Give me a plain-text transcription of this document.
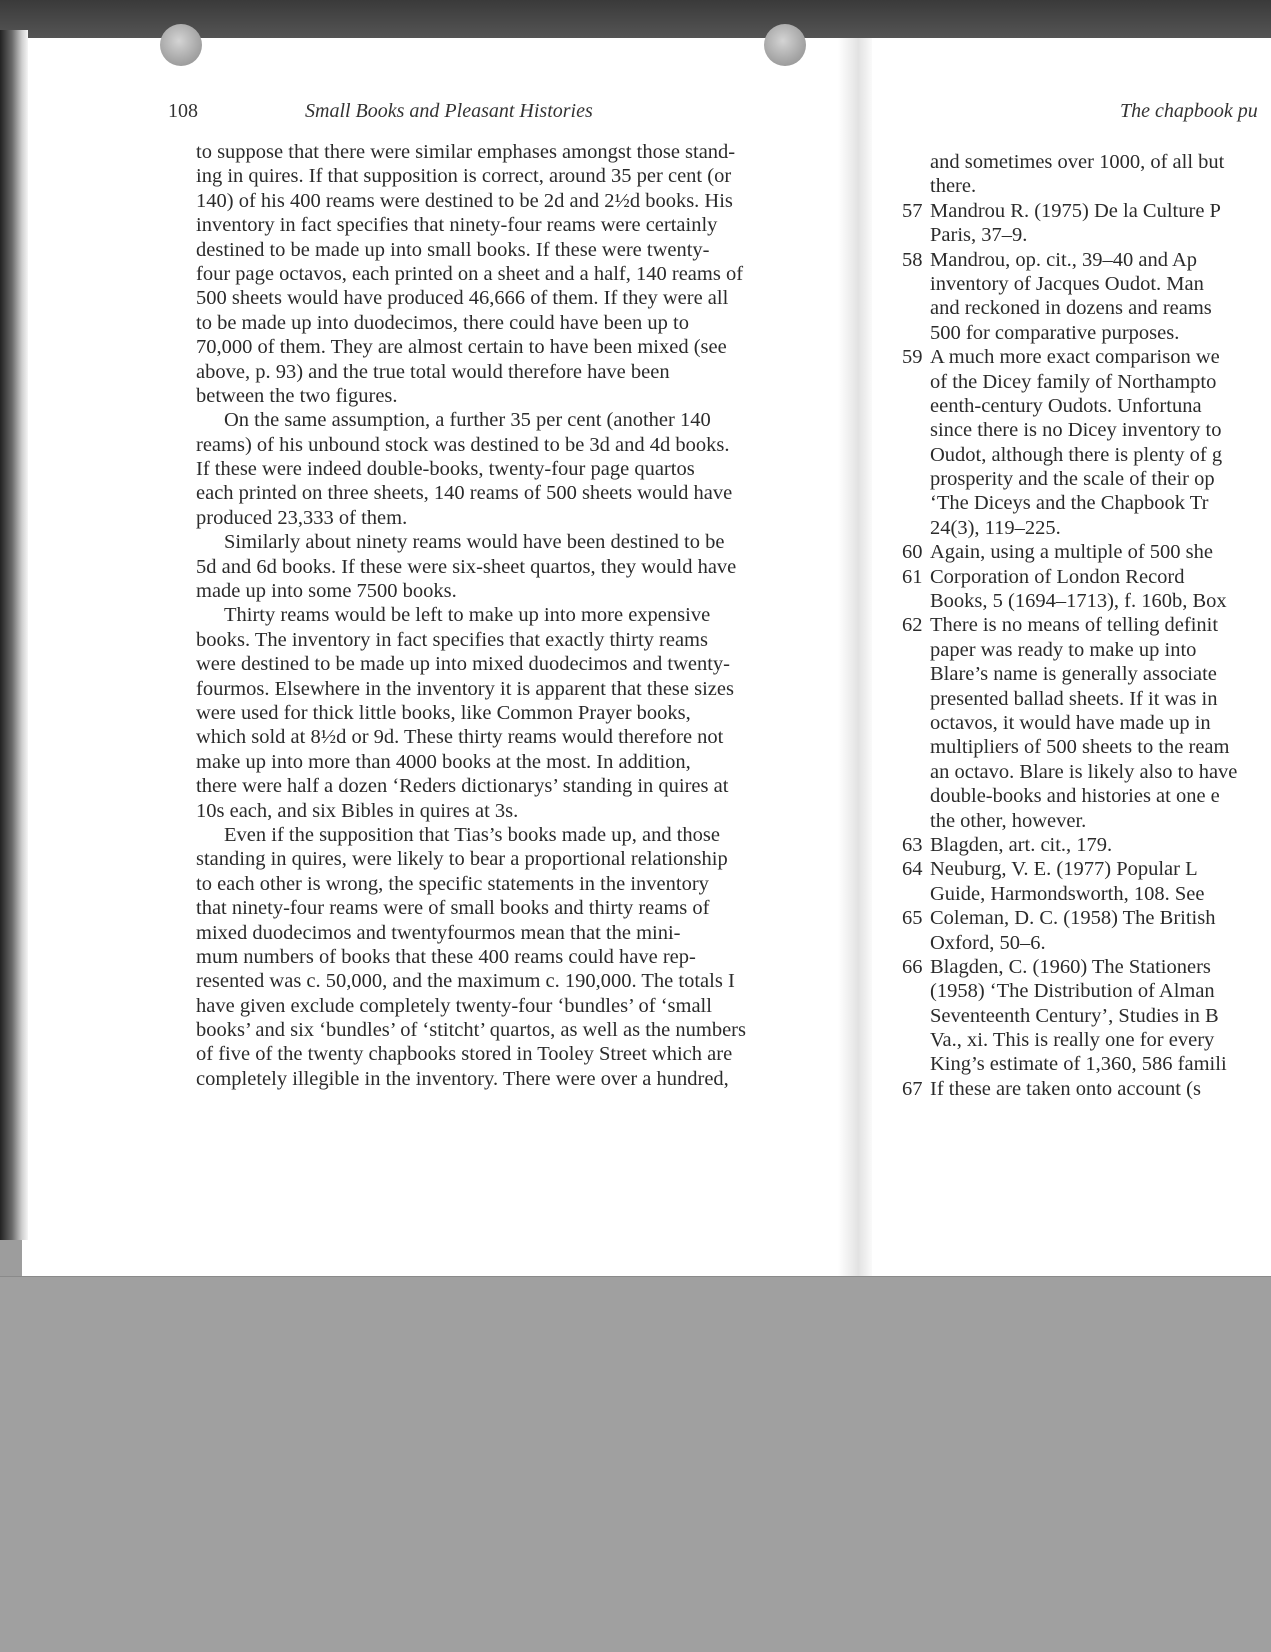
108	Small Books and Pleasant Histories	The chapbook pu
to suppose that there were similar emphases amongst those stand-
ing in quires. If that supposition is correct, around 35 per cent (or
140) of his 400 reams were destined to be 2d and 2½d books. His
inventory in fact specifies that ninety-four reams were certainly
destined to be made up into small books. If these were twenty-
four page octavos, each printed on a sheet and a half, 140 reams of
500 sheets would have produced 46,666 of them. If they were all
to be made up into duodecimos, there could have been up to
70,000 of them. They are almost certain to have been mixed (see
above, p. 93) and the true total would therefore have been
between the two figures.
On the same assumption, a further 35 per cent (another 140
reams) of his unbound stock was destined to be 3d and 4d books.
If these were indeed double-books, twenty-four page quartos
each printed on three sheets, 140 reams of 500 sheets would have
produced 23,333 of them.
Similarly about ninety reams would have been destined to be
5d and 6d books. If these were six-sheet quartos, they would have
made up into some 7500 books.
Thirty reams would be left to make up into more expensive
books. The inventory in fact specifies that exactly thirty reams
were destined to be made up into mixed duodecimos and twenty-
fourmos. Elsewhere in the inventory it is apparent that these sizes
were used for thick little books, like Common Prayer books,
which sold at 8½d or 9d. These thirty reams would therefore not
make up into more than 4000 books at the most. In addition,
there were half a dozen ‘Reders dictionarys’ standing in quires at
10s each, and six Bibles in quires at 3s.
Even if the supposition that Tias’s books made up, and those
standing in quires, were likely to bear a proportional relationship
to each other is wrong, the specific statements in the inventory
that ninety-four reams were of small books and thirty reams of
mixed duodecimos and twentyfourmos mean that the mini-
mum numbers of books that these 400 reams could have rep-
resented was c. 50,000, and the maximum c. 190,000. The totals I
have given exclude completely twenty-four ‘bundles’ of ‘small
books’ and six ‘bundles’ of ‘stitcht’ quartos, as well as the numbers
of five of the twenty chapbooks stored in Tooley Street which are
completely illegible in the inventory. There were over a hundred,
and sometimes over 1000, of all but
there.
57 Mandrou R. (1975) De la Culture P
Paris, 37–9.
58 Mandrou, op. cit., 39–40 and Ap
inventory of Jacques Oudot. Man
and reckoned in dozens and reams
500 for comparative purposes.
59 A much more exact comparison we
of the Dicey family of Northampto
eenth-century Oudots. Unfortuna
since there is no Dicey inventory to
Oudot, although there is plenty of g
prosperity and the scale of their op
‘The Diceys and the Chapbook Tr
24(3), 119–225.
60 Again, using a multiple of 500 she
61 Corporation of London Record
Books, 5 (1694–1713), f. 160b, Box
62 There is no means of telling definit
paper was ready to make up into
Blare’s name is generally associate
presented ballad sheets. If it was in
octavos, it would have made up in
multipliers of 500 sheets to the ream
an octavo. Blare is likely also to have
double-books and histories at one e
the other, however.
63 Blagden, art. cit., 179.
64 Neuburg, V. E. (1977) Popular L
Guide, Harmondsworth, 108. See
65 Coleman, D. C. (1958) The British
Oxford, 50–6.
66 Blagden, C. (1960) The Stationers
(1958) ‘The Distribution of Alman
Seventeenth Century’, Studies in B
Va., xi. This is really one for every
King’s estimate of 1,360, 586 famili
67 If these are taken onto account (s
